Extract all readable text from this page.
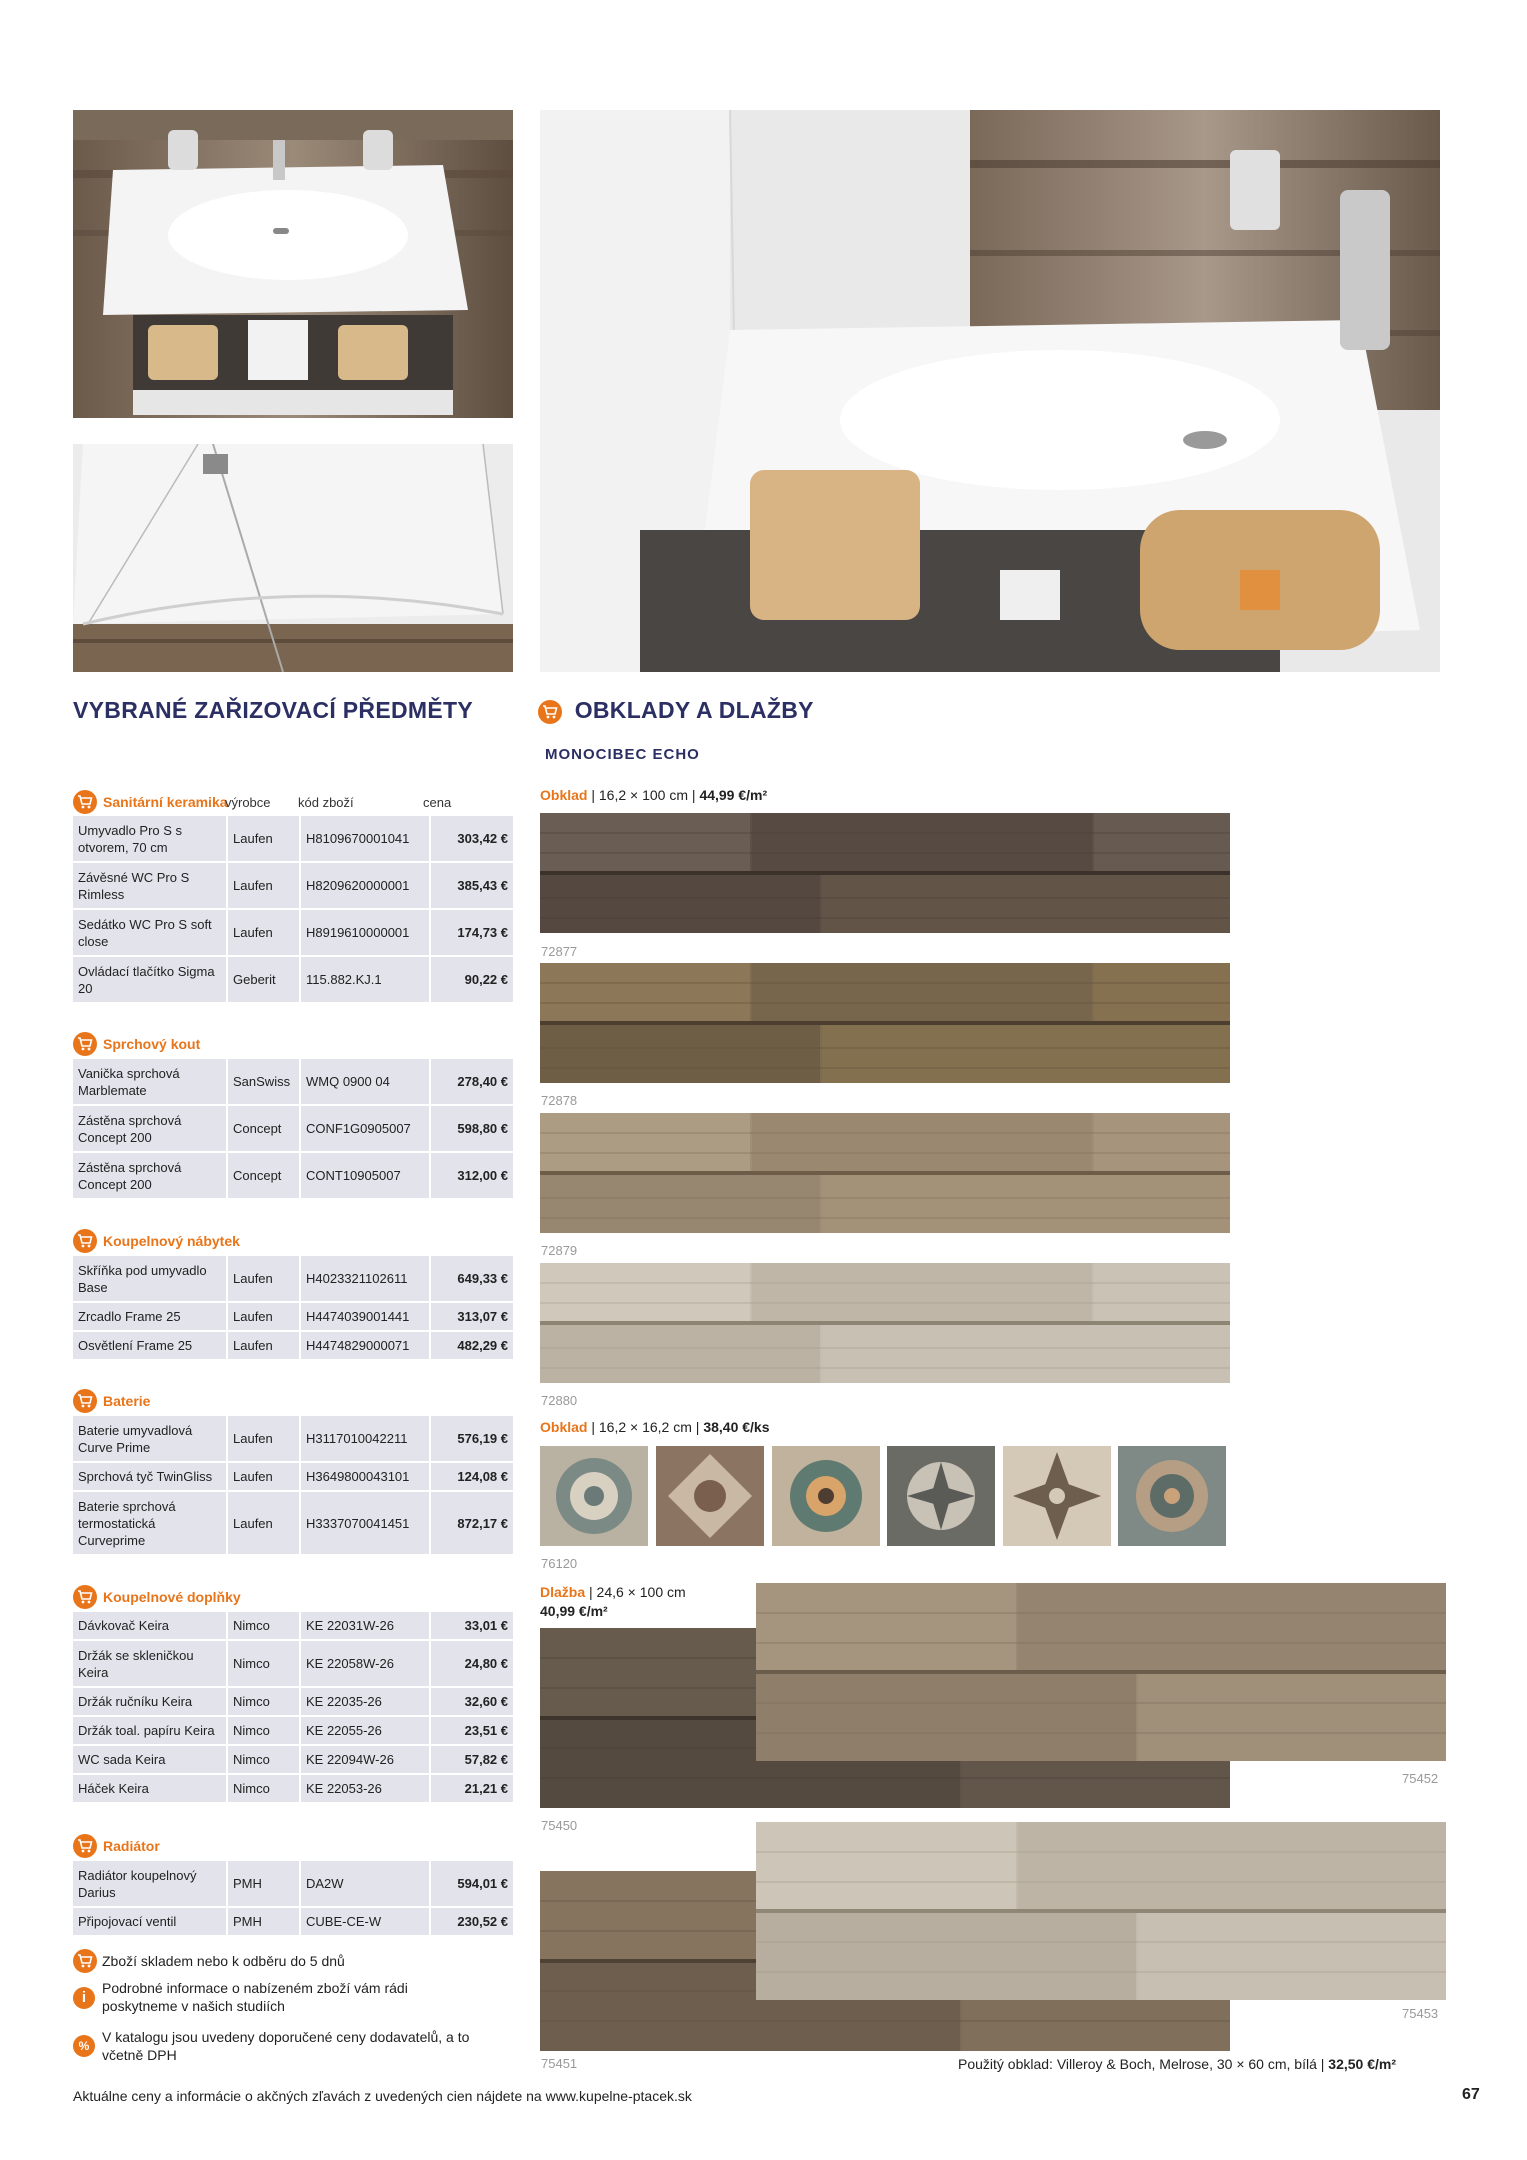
VYBRANÉ ZAŘIZOVACÍ PŘEDMĚTY	OBKLADY A DLAŽBY
MONOCIBEC ECHO
Sanitární keramika
výrobce	kód zboží	cena
Umyvadlo Pro S s otvorem, 70 cm
Laufen	H8109670001041	303,42 €
Závěsné WC Pro S Rimless
Laufen	H8209620000001	385,43 €
Sedátko WC Pro S soft close
Laufen	H8919610000001	174,73 €
Ovládací tlačítko Sigma 20
Geberit	115.882.KJ.1	90,22 €
Sprchový kout
Vanička sprchová Marblemate
SanSwiss	WMQ 0900 04	278,40 €
Zástěna sprchová Concept 200
Concept	CONF1G0905007	598,80 €
Zástěna sprchová Concept 200
Concept	CONT10905007	312,00 €
Koupelnový nábytek
Skříňka pod umyvadlo Base
Laufen	H4023321102611	649,33 €
Zrcadlo Frame 25	Laufen	H4474039001441	313,07 €
Osvětlení Frame 25	Laufen	H4474829000071	482,29 €
Baterie
Baterie umyvadlová Curve Prime
Laufen	H3117010042211	576,19 €
Sprchová tyč TwinGliss	Laufen	H3649800043101	124,08 €
Baterie sprchová termostatická Curveprime
Laufen	H3337070041451	872,17 €
Koupelnové doplňky
Dávkovač Keira	Nimco	KE 22031W-26	33,01 €
Držák se skleničkou Keira
Nimco	KE 22058W-26	24,80 €
Držák ručníku Keira	Nimco	KE 22035-26	32,60 €
Držák toal. papíru Keira	Nimco	KE 22055-26	23,51 €
WC sada Keira	Nimco	KE 22094W-26	57,82 €
Háček Keira	Nimco	KE 22053-26	21,21 €
Radiátor
Radiátor koupelnový Darius
PMH	DA2W	594,01 €
Připojovací ventil	PMH	CUBE-CE-W	230,52 €
Zboží skladem nebo k odběru do 5 dnů
i
Podrobné informace o nabízeném zboží vám rádi poskytneme v našich studiích
%
V katalogu jsou uvedeny doporučené ceny dodavatelů, a to včetně DPH
Obklad | 16,2 × 100 cm | 44,99 €/m²
72877
72878
72879
72880
Obklad | 16,2 × 16,2 cm | 38,40 €/ks
76120
Dlažba | 24,6 × 100 cm
40,99 €/m²
75452
75450
75453
75451	Použitý obklad: Villeroy & Boch, Melrose, 30 × 60 cm, bílá | 32,50 €/m²
Aktuálne ceny a informácie o akčných zľavách z uvedených cien nájdete na www.kupelne-ptacek.sk	67
